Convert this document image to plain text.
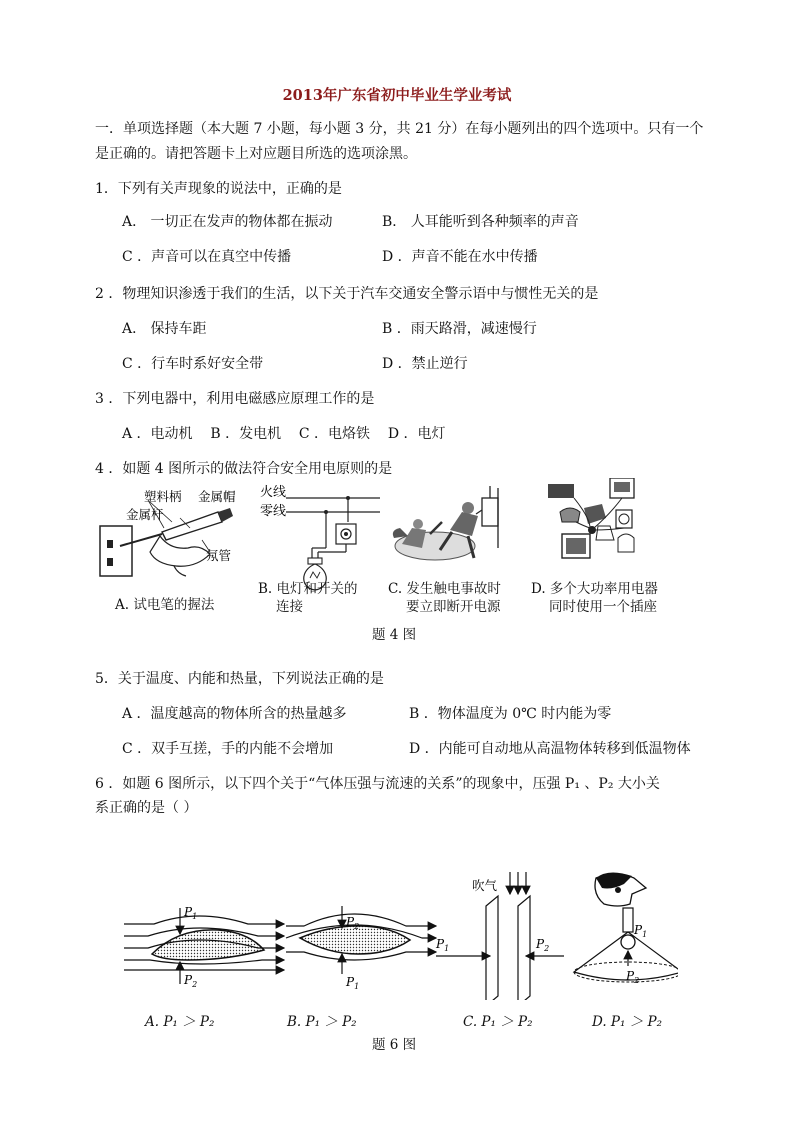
2013年广东省初中毕业生学业考试
一．单项选择题（本大题 7 小题，每小题 3 分，共 21 分）在每小题列出的四个选项中。只有一个
是正确的。请把答题卡上对应题目所选的选项涂黑。
1．下列有关声现象的说法中，正确的是
A． 一切正在发声的物体都在振动	B． 人耳能听到各种频率的声音
C ．声音可以在真空中传播	D ．声音不能在水中传播
2 ．物理知识渗透于我们的生活，以下关于汽车交通安全警示语中与惯性无关的是
A． 保持车距	B ．雨天路滑，减速慢行
C ．行车时系好安全带	D ．禁止逆行
3 ．下列电器中，利用电磁感应原理工作的是
A ．电动机    B ．发电机    C ．电烙铁    D ．电灯
4 ．如题 4 图所示的做法符合安全用电原则的是
塑料柄 金属帽
金属杆
氖管
火线
零线
A. 试电笔的握法
B. 电灯和开关的
连接
C. 发生触电事故时
要立即断开电源
D. 多个大功率用电器
同时使用一个插座
题 4 图
5．关于温度、内能和热量，下列说法正确的是
A ．温度越高的物体所含的热量越多	B ．物体温度为 0℃ 时内能为零
C ．双手互搓，手的内能不会增加	D ．内能可自动地从高温物体转移到低温物体
6 ．如题 6 图所示，以下四个关于“气体压强与流速的关系”的现象中，压强 P₁ 、P₂ 大小关
系正确的是（ ）
$P_1$
$P_2$
$P_2$
$P_1$
吹气
$P_1$	$P_2$
$P_1$
$P_2$
A. P₁ ＞ P₂	B. P₁ ＞ P₂	C. P₁ ＞ P₂	D. P₁ ＞ P₂
题 6 图
